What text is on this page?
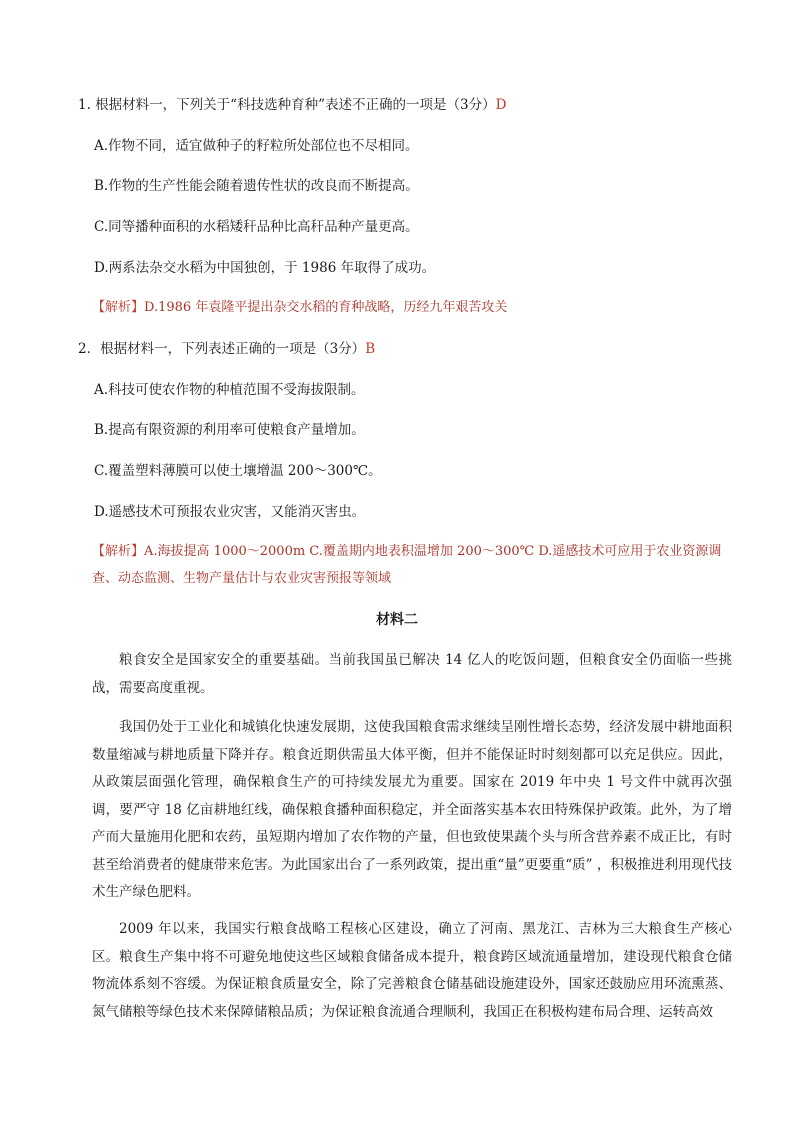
1. 根据材料一，下列关于“科技选种育种”表述不正确的一项是（3分）D
A.作物不同，适宜做种子的籽粒所处部位也不尽相同。
B.作物的生产性能会随着遗传性状的改良而不断提高。
C.同等播种面积的水稻矮秆品种比高秆品种产量更高。
D.两系法杂交水稻为中国独创，于 1986 年取得了成功。
【解析】D.1986 年袁隆平提出杂交水稻的育种战略，历经九年艰苦攻关
2．根据材料一，下列表述正确的一项是（3分）B
A.科技可使农作物的种植范围不受海拔限制。
B.提高有限资源的利用率可使粮食产量增加。
C.覆盖塑料薄膜可以使土壤增温 200～300℃。
D.遥感技术可预报农业灾害，又能消灭害虫。
【解析】A.海拔提高 1000～2000m C.覆盖期内地表积温增加 200～300℃ D.遥感技术可应用于农业资源调
查、动态监测、生物产量估计与农业灾害预报等领域
材料二
粮食安全是国家安全的重要基础。当前我国虽已解决 14 亿人的吃饭问题，但粮食安全仍面临一些挑战，需要高度重视。
我国仍处于工业化和城镇化快速发展期，这使我国粮食需求继续呈刚性增长态势，经济发展中耕地面积数量缩减与耕地质量下降并存。粮食近期供需虽大体平衡，但并不能保证时时刻刻都可以充足供应。因此，从政策层面强化管理，确保粮食生产的可持续发展尤为重要。国家在 2019 年中央 1 号文件中就再次强调，要严守 18 亿亩耕地红线，确保粮食播种面积稳定，并全面落实基本农田特殊保护政策。此外，为了增产而大量施用化肥和农药，虽短期内增加了农作物的产量，但也致使果蔬个头与所含营养素不成正比，有时甚至给消费者的健康带来危害。为此国家出台了一系列政策，提出重“量”更要重“质” ，积极推进利用现代技术生产绿色肥料。
2009 年以来，我国实行粮食战略工程核心区建设，确立了河南、黑龙江、吉林为三大粮食生产核心区。粮食生产集中将不可避免地使这些区域粮食储备成本提升，粮食跨区域流通量增加，建设现代粮食仓储物流体系刻不容缓。为保证粮食质量安全，除了完善粮食仓储基础设施建设外，国家还鼓励应用环流熏蒸、氮气储粮等绿色技术来保障储粮品质；为保证粮食流通合理顺利，我国正在积极构建布局合理、运转高效
